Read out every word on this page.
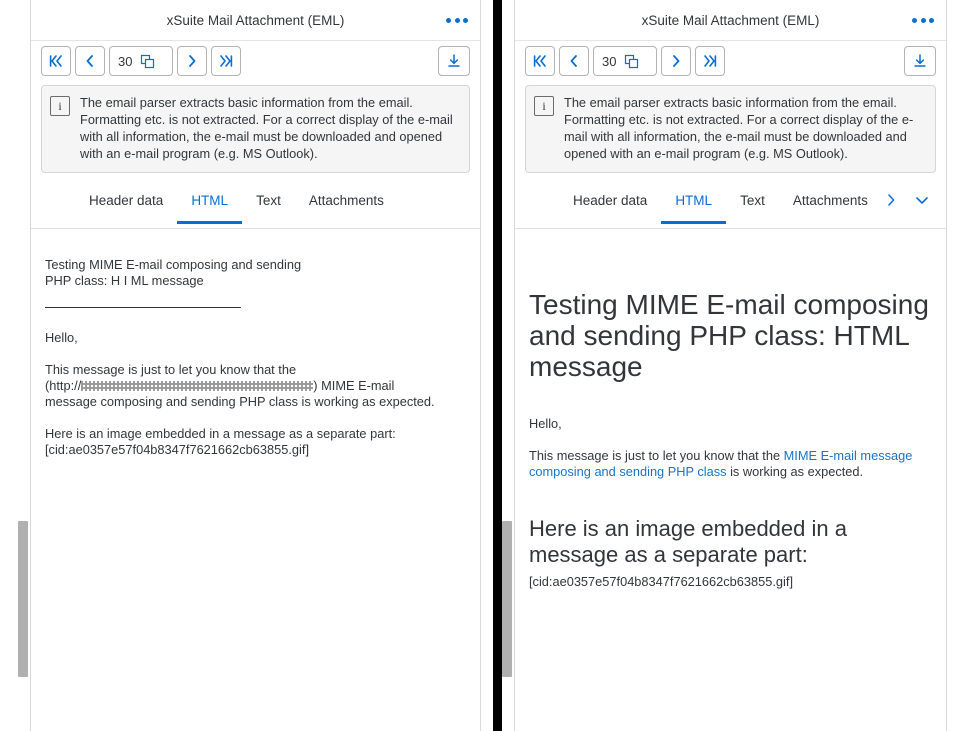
xSuite Mail Attachment (EML)
30
i	The email parser extracts basic information from the email. Formatting etc. is not extracted. For a correct display of the e-mail with all information, the e-mail must be downloaded and opened with an e-mail program (e.g. MS Outlook).
Header data	HTML	Text	Attachments
Testing MIME E-mail composing and sending
PHP class: H I ML message

Hello,

This message is just to let you know that the
(http://	) MIME E-mail
message composing and sending PHP class is working as expected.

Here is an image embedded in a message as a separate part:
[cid:ae0357e57f04b8347f7621662cb63855.gif]

xSuite Mail Attachment (EML)
30
i	The email parser extracts basic information from the email. Formatting etc. is not extracted. For a correct display of the e-mail with all information, the e-mail must be downloaded and opened with an e-mail program (e.g. MS Outlook).
Header data	HTML	Text	Attachments
Testing MIME E-mail composing and sending PHP class: HTML message

Hello,

This message is just to let you know that the MIME E-mail message composing and sending PHP class is working as expected.

Here is an image embedded in a message as a separate part:

[cid:ae0357e57f04b8347f7621662cb63855.gif]
